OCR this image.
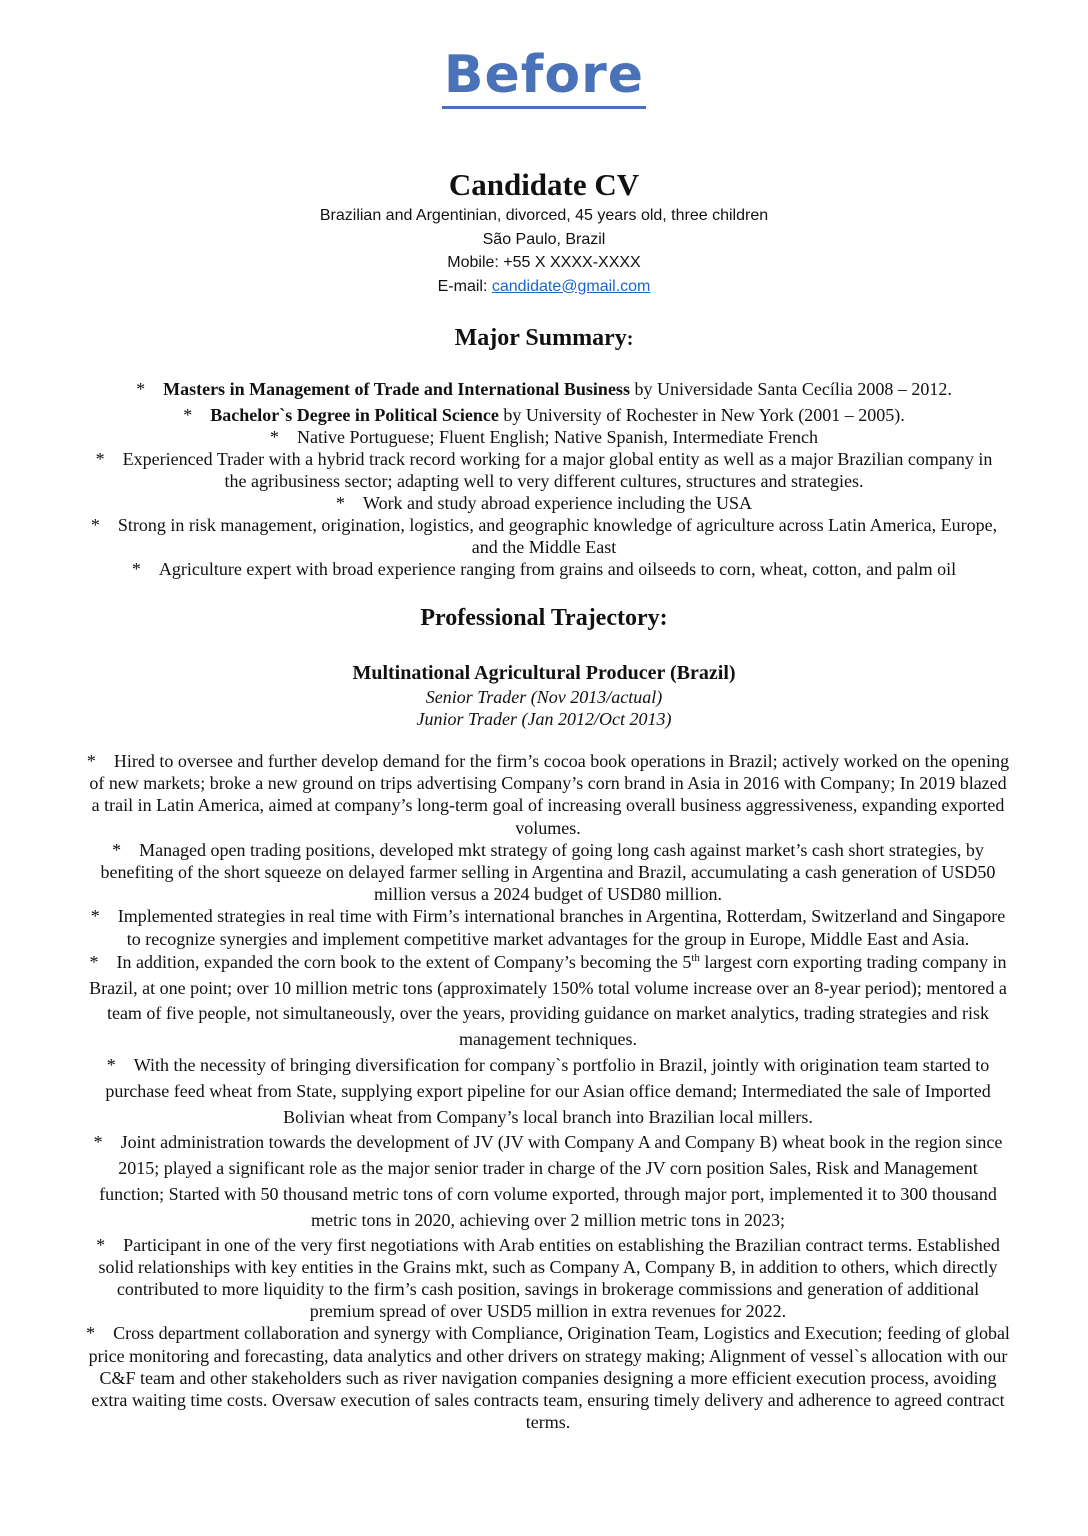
Before
Candidate CV
Brazilian and Argentinian, divorced, 45 years old, three children
São Paulo, Brazil
Mobile: +55 X XXXX-XXXX
E-mail: candidate@gmail.com
Major Summary:
* Masters in Management of Trade and International Business by Universidade Santa Cecília 2008 – 2012.
* Bachelor`s Degree in Political Science by University of Rochester in New York (2001 – 2005).
* Native Portuguese; Fluent English; Native Spanish, Intermediate French
* Experienced Trader with a hybrid track record working for a major global entity as well as a major Brazilian company in the agribusiness sector; adapting well to very different cultures, structures and strategies.
* Work and study abroad experience including the USA
* Strong in risk management, origination, logistics, and geographic knowledge of agriculture across Latin America, Europe, and the Middle East
* Agriculture expert with broad experience ranging from grains and oilseeds to corn, wheat, cotton, and palm oil
Professional Trajectory:
Multinational Agricultural Producer (Brazil)
Senior Trader (Nov 2013/actual)
Junior Trader (Jan 2012/Oct 2013)
* Hired to oversee and further develop demand for the firm’s cocoa book operations in Brazil; actively worked on the opening of new markets; broke a new ground on trips advertising Company’s corn brand in Asia in 2016 with Company; In 2019 blazed a trail in Latin America, aimed at company’s long-term goal of increasing overall business aggressiveness, expanding exported volumes.
* Managed open trading positions, developed mkt strategy of going long cash against market’s cash short strategies, by benefiting of the short squeeze on delayed farmer selling in Argentina and Brazil, accumulating a cash generation of USD50 million versus a 2024 budget of USD80 million.
* Implemented strategies in real time with Firm’s international branches in Argentina, Rotterdam, Switzerland and Singapore to recognize synergies and implement competitive market advantages for the group in Europe, Middle East and Asia.
* In addition, expanded the corn book to the extent of Company’s becoming the 5th largest corn exporting trading company in Brazil, at one point; over 10 million metric tons (approximately 150% total volume increase over an 8-year period); mentored a team of five people, not simultaneously, over the years, providing guidance on market analytics, trading strategies and risk management techniques.
* With the necessity of bringing diversification for company`s portfolio in Brazil, jointly with origination team started to purchase feed wheat from State, supplying export pipeline for our Asian office demand; Intermediated the sale of Imported Bolivian wheat from Company’s local branch into Brazilian local millers.
* Joint administration towards the development of JV (JV with Company A and Company B) wheat book in the region since 2015; played a significant role as the major senior trader in charge of the JV corn position Sales, Risk and Management function; Started with 50 thousand metric tons of corn volume exported, through major port, implemented it to 300 thousand metric tons in 2020, achieving over 2 million metric tons in 2023;
* Participant in one of the very first negotiations with Arab entities on establishing the Brazilian contract terms. Established solid relationships with key entities in the Grains mkt, such as Company A, Company B, in addition to others, which directly contributed to more liquidity to the firm’s cash position, savings in brokerage commissions and generation of additional premium spread of over USD5 million in extra revenues for 2022.
* Cross department collaboration and synergy with Compliance, Origination Team, Logistics and Execution; feeding of global price monitoring and forecasting, data analytics and other drivers on strategy making; Alignment of vessel`s allocation with our C&F team and other stakeholders such as river navigation companies designing a more efficient execution process, avoiding extra waiting time costs. Oversaw execution of sales contracts team, ensuring timely delivery and adherence to agreed contract terms.
